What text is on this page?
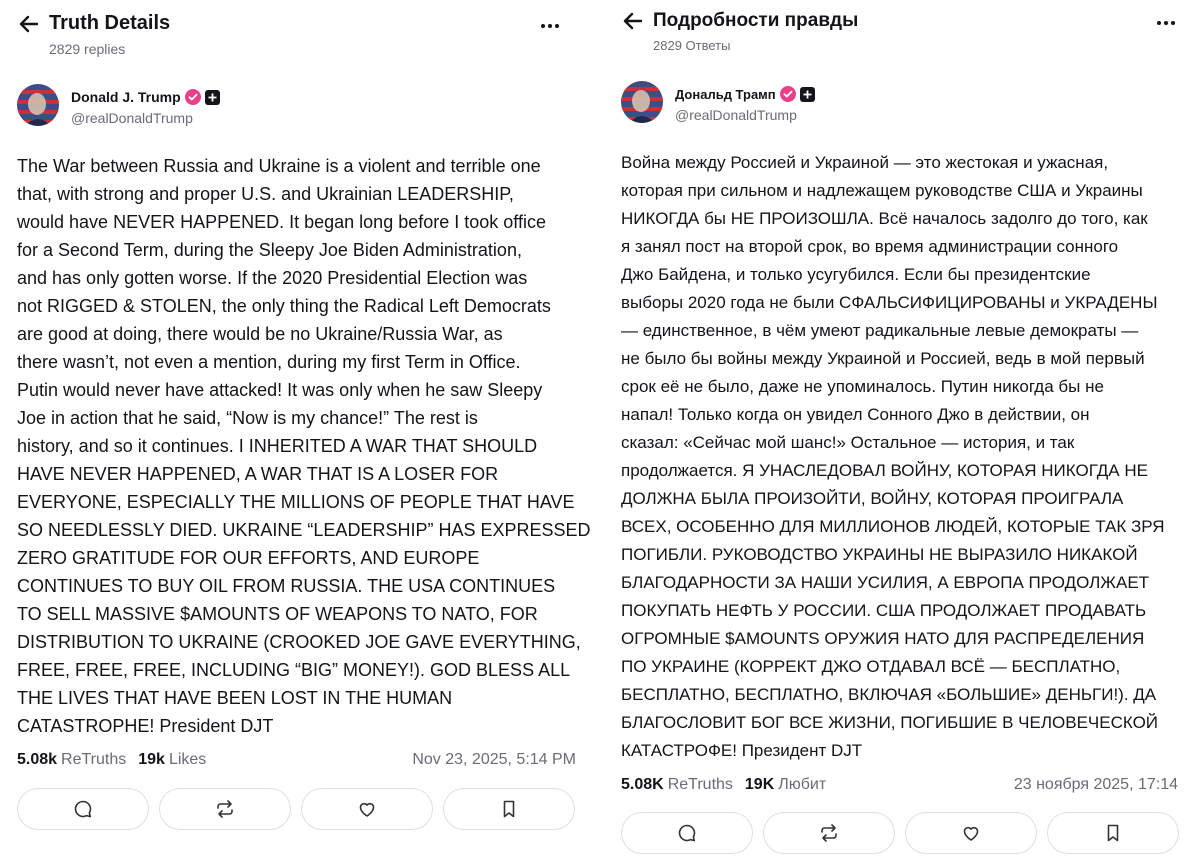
Truth Details
2829 replies
Donald J. Trump
@realDonaldTrump
The War between Russia and Ukraine is a violent and terrible one
that, with strong and proper U.S. and Ukrainian LEADERSHIP,
would have NEVER HAPPENED. It began long before I took office
for a Second Term, during the Sleepy Joe Biden Administration,
and has only gotten worse. If the 2020 Presidential Election was
not RIGGED & STOLEN, the only thing the Radical Left Democrats
are good at doing, there would be no Ukraine/Russia War, as
there wasn’t, not even a mention, during my first Term in Office.
Putin would never have attacked! It was only when he saw Sleepy
Joe in action that he said, “Now is my chance!” The rest is
history, and so it continues. I INHERITED A WAR THAT SHOULD
HAVE NEVER HAPPENED, A WAR THAT IS A LOSER FOR
EVERYONE, ESPECIALLY THE MILLIONS OF PEOPLE THAT HAVE
SO NEEDLESSLY DIED. UKRAINE “LEADERSHIP” HAS EXPRESSED
ZERO GRATITUDE FOR OUR EFFORTS, AND EUROPE
CONTINUES TO BUY OIL FROM RUSSIA. THE USA CONTINUES
TO SELL MASSIVE $AMOUNTS OF WEAPONS TO NATO, FOR
DISTRIBUTION TO UKRAINE (CROOKED JOE GAVE EVERYTHING,
FREE, FREE, FREE, INCLUDING “BIG” MONEY!). GOD BLESS ALL
THE LIVES THAT HAVE BEEN LOST IN THE HUMAN
CATASTROPHE! President DJT
5.08k ReTruths 19k Likes	Nov 23, 2025, 5:14 PM
Подробности правды
2829 Ответы
Дональд Трамп
@realDonaldTrump
Война между Россией и Украиной — это жестокая и ужасная,
которая при сильном и надлежащем руководстве США и Украины
НИКОГДА бы НЕ ПРОИЗОШЛА. Всё началось задолго до того, как
я занял пост на второй срок, во время администрации сонного
Джо Байдена, и только усугубился. Если бы президентские
выборы 2020 года не были СФАЛЬСИФИЦИРОВАНЫ и УКРАДЕНЫ
— единственное, в чём умеют радикальные левые демократы —
не было бы войны между Украиной и Россией, ведь в мой первый
срок её не было, даже не упоминалось. Путин никогда бы не
напал! Только когда он увидел Сонного Джо в действии, он
сказал: «Сейчас мой шанс!» Остальное — история, и так
продолжается. Я УНАСЛЕДОВАЛ ВОЙНУ, КОТОРАЯ НИКОГДА НЕ
ДОЛЖНА БЫЛА ПРОИЗОЙТИ, ВОЙНУ, КОТОРАЯ ПРОИГРАЛА
ВСЕХ, ОСОБЕННО ДЛЯ МИЛЛИОНОВ ЛЮДЕЙ, КОТОРЫЕ ТАК ЗРЯ
ПОГИБЛИ. РУКОВОДСТВО УКРАИНЫ НЕ ВЫРАЗИЛО НИКАКОЙ
БЛАГОДАРНОСТИ ЗА НАШИ УСИЛИЯ, А ЕВРОПА ПРОДОЛЖАЕТ
ПОКУПАТЬ НЕФТЬ У РОССИИ. США ПРОДОЛЖАЕТ ПРОДАВАТЬ
ОГРОМНЫЕ $AMOUNTS ОРУЖИЯ НАТО ДЛЯ РАСПРЕДЕЛЕНИЯ
ПО УКРАИНЕ (КОРРЕКТ ДЖО ОТДАВАЛ ВСЁ — БЕСПЛАТНО,
БЕСПЛАТНО, БЕСПЛАТНО, ВКЛЮЧАЯ «БОЛЬШИЕ» ДЕНЬГИ!). ДА
БЛАГОСЛОВИТ БОГ ВСЕ ЖИЗНИ, ПОГИБШИЕ В ЧЕЛОВЕЧЕСКОЙ
КАТАСТРОФЕ! Президент DJT
5.08K ReTruths 19K Любит	23 ноября 2025, 17:14
